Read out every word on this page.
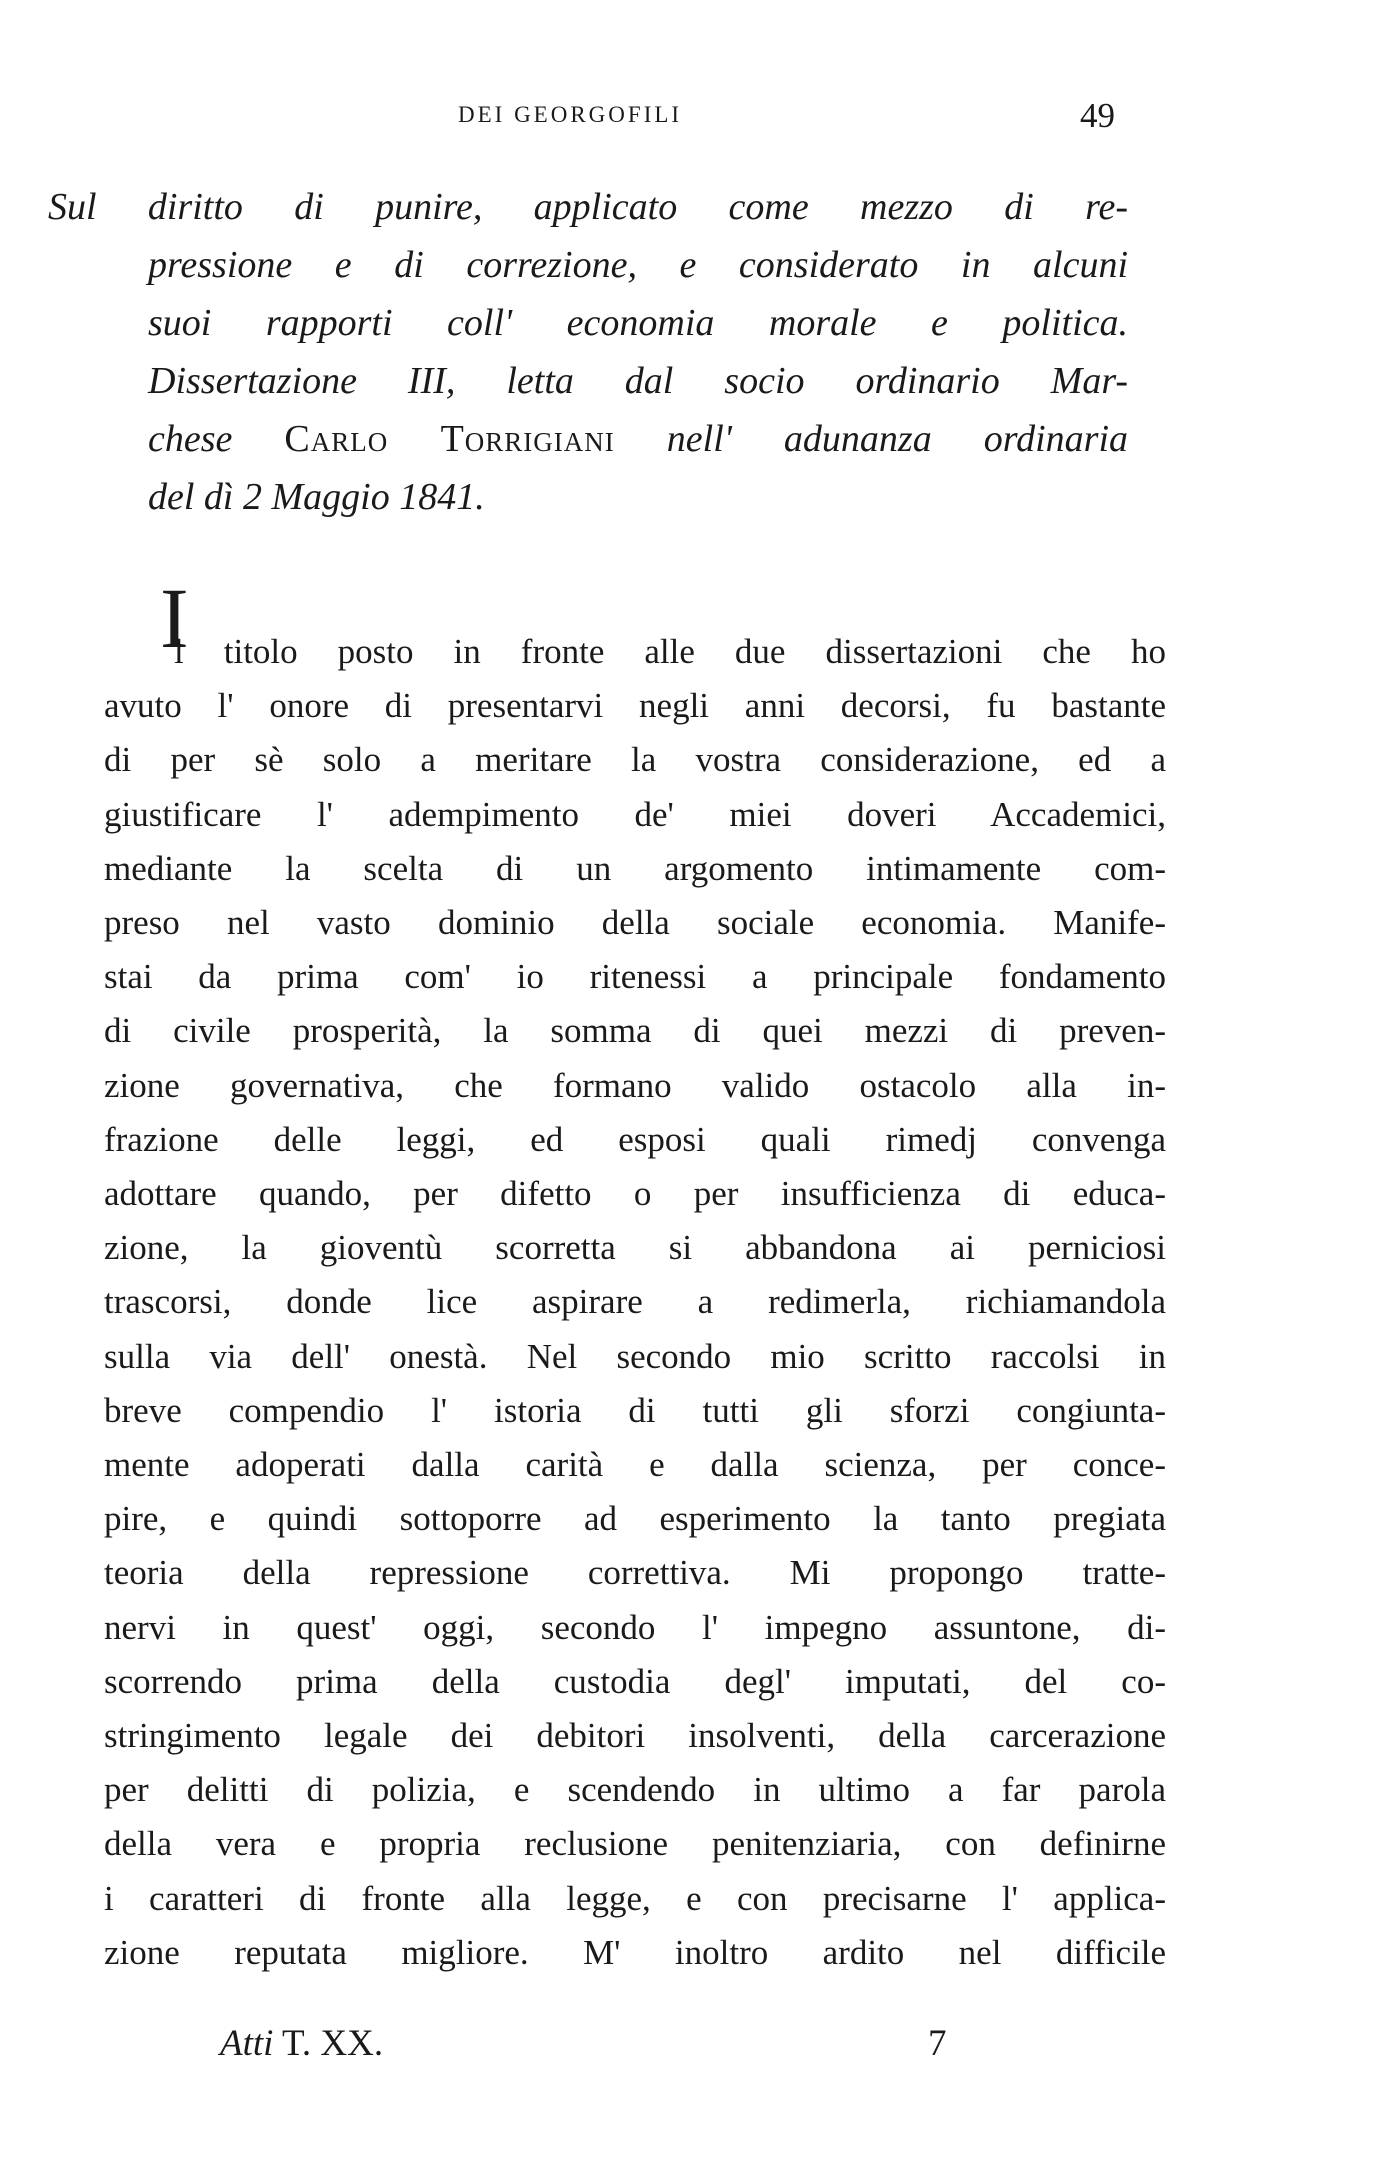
DEI GEORGOFILI	49
Sul diritto di punire, applicato come mezzo di re-
pressione e di correzione, e considerato in alcuni
suoi rapporti coll' economia morale e politica.
Dissertazione III, letta dal socio ordinario Mar-
chese Carlo Torrigiani nell' adunanza ordinaria
del dì 2 Maggio 1841.
I
l titolo posto in fronte alle due dissertazioni che ho
avuto l' onore di presentarvi negli anni decorsi, fu bastante
di per sè solo a meritare la vostra considerazione, ed a
giustificare l' adempimento de' miei doveri Accademici,
mediante la scelta di un argomento intimamente com-
preso nel vasto dominio della sociale economia. Manife-
stai da prima com' io ritenessi a principale fondamento
di civile prosperità, la somma di quei mezzi di preven-
zione governativa, che formano valido ostacolo alla in-
frazione delle leggi, ed esposi quali rimedj convenga
adottare quando, per difetto o per insufficienza di educa-
zione, la gioventù scorretta si abbandona ai perniciosi
trascorsi, donde lice aspirare a redimerla, richiamandola
sulla via dell' onestà. Nel secondo mio scritto raccolsi in
breve compendio l' istoria di tutti gli sforzi congiunta-
mente adoperati dalla carità e dalla scienza, per conce-
pire, e quindi sottoporre ad esperimento la tanto pregiata
teoria della repressione correttiva. Mi propongo tratte-
nervi in quest' oggi, secondo l' impegno assuntone, di-
scorrendo prima della custodia degl' imputati, del co-
stringimento legale dei debitori insolventi, della carcerazione
per delitti di polizia, e scendendo in ultimo a far parola
della vera e propria reclusione penitenziaria, con definirne
i caratteri di fronte alla legge, e con precisarne l' applica-
zione reputata migliore. M' inoltro ardito nel difficile
Atti T. XX.	7
